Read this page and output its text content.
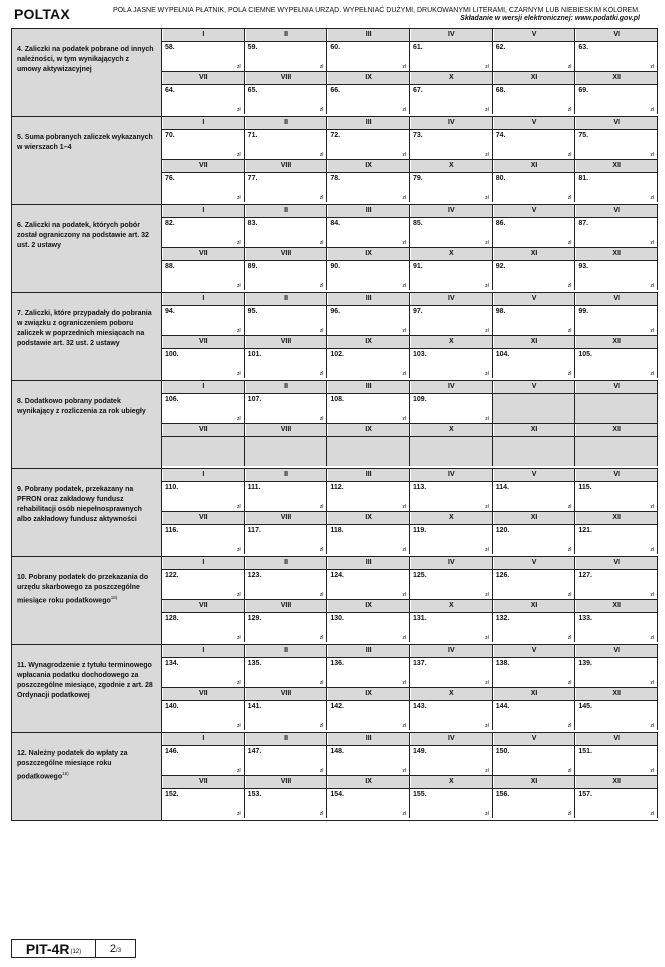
POLTAX	POLA JASNE WYPEŁNIA PŁATNIK, POLA CIEMNE WYPEŁNIA URZĄD. WYPEŁNIAĆ DUŻYMI, DRUKOWANYMI LITERAMI, CZARNYM LUB NIEBIESKIM KOLOREM.
Składanie w wersji elektronicznej: www.podatki.gov.pl
4. Zaliczki na podatek pobrane od innych należności, w tym wynikających z umowy aktywizacyjnej
I	II	III	IV	V	VI
58.
zł
59.
zł
60.
zł
61.
zł
62.
zł
63.
zł
VII	VIII	IX	X	XI	XII
64.
zł
65.
zł
66.
zł
67.
zł
68.
zł
69.
zł
5. Suma pobranych zaliczek wykazanych w wierszach 1–4
I	II	III	IV	V	VI
70.
zł
71.
zł
72.
zł
73.
zł
74.
zł
75.
zł
VII	VIII	IX	X	XI	XII
76.
zł
77.
zł
78.
zł
79.
zł
80.
zł
81.
zł
6. Zaliczki na podatek, których pobór został ograniczony na podstawie art. 32 ust. 2 ustawy
I	II	III	IV	V	VI
82.
zł
83.
zł
84.
zł
85.
zł
86.
zł
87.
zł
VII	VIII	IX	X	XI	XII
88.
zł
89.
zł
90.
zł
91.
zł
92.
zł
93.
zł
7. Zaliczki, które przypadały do pobrania w związku z ograniczeniem poboru zaliczek w poprzednich miesiącach na podstawie art. 32 ust. 2 ustawy
I	II	III	IV	V	VI
94.
zł
95.
zł
96.
zł
97.
zł
98.
zł
99.
zł
VII	VIII	IX	X	XI	XII
100.
zł
101.
zł
102.
zł
103.
zł
104.
zł
105.
zł
8. Dodatkowo pobrany podatek wynikający z rozliczenia za rok ubiegły
I	II	III	IV	V	VI
106.
zł
107.
zł
108.
zł
109.
zł
VII	VIII	IX	X	XI	XII
9. Pobrany podatek, przekazany na PFRON oraz zakładowy fundusz rehabilitacji osób niepełnosprawnych albo zakładowy fundusz aktywności
I	II	III	IV	V	VI
110.
zł
111.
zł
112.
zł
113.
zł
114.
zł
115.
zł
VII	VIII	IX	X	XI	XII
116.
zł
117.
zł
118.
zł
119.
zł
120.
zł
121.
zł
10. Pobrany podatek do przekazania do urzędu skarbowego za poszczególne miesiące roku podatkowego$^{15)}$
I	II	III	IV	V	VI
122.
zł
123.
zł
124.
zł
125.
zł
126.
zł
127.
zł
VII	VIII	IX	X	XI	XII
128.
zł
129.
zł
130.
zł
131.
zł
132.
zł
133.
zł
11. Wynagrodzenie z tytułu terminowego wpłacania podatku dochodowego za poszczególne miesiące, zgodnie z art. 28 Ordynacji podatkowej
I	II	III	IV	V	VI
134.
zł
135.
zł
136.
zł
137.
zł
138.
zł
139.
zł
VII	VIII	IX	X	XI	XII
140.
zł
141.
zł
142.
zł
143.
zł
144.
zł
145.
zł
12. Należny podatek do wpłaty za poszczególne miesiące roku podatkowego$^{16)}$
I	II	III	IV	V	VI
146.
zł
147.
zł
148.
zł
149.
zł
150.
zł
151.
zł
VII	VIII	IX	X	XI	XII
152.
zł
153.
zł
154.
zł
155.
zł
156.
zł
157.
zł
PIT-4R (12)	2 /3
